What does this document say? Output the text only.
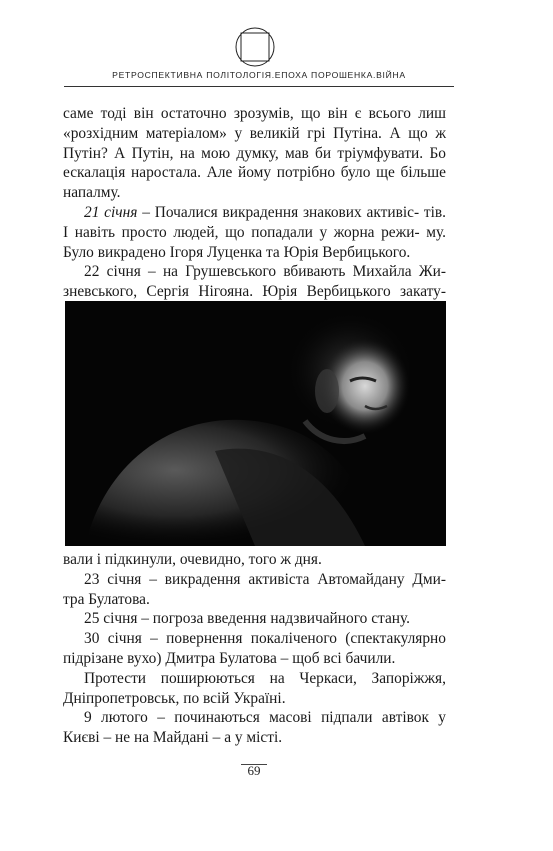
РЕТРОСПЕКТИВНА ПОЛІТОЛОГІЯ.ЕПОХА ПОРОШЕНКА.ВІЙНА

саме тоді він остаточно зрозумів, що він є всього лиш «розхідним матеріалом» у великій грі Путіна. А що ж Путін? А Путін, на мою думку, мав би тріумфувати. Бо ескалація наростала. Але йому потрібно було ще більше напалму.

21 січня – Почалися викрадення знакових активіс- тів. І навіть просто людей, що попадали у жорна режи- му. Було викрадено Ігоря Луценка та Юрія Вербицького.

22 січня – на Грушевського вбивають Михайла Жи- зневського, Сергія Нігояна. Юрія Вербицького закату-

вали і підкинули, очевидно, того ж дня.

23 січня – викрадення активіста Автомайдану Дми- тра Булатова.

25 січня – погроза введення надзвичайного стану.

30 січня – повернення покаліченого (спектакулярно підрізане вухо) Дмитра Булатова – щоб всі бачили.

Протести поширюються на Черкаси, Запоріжжя, Дніпропетровськ, по всій Україні.

9 лютого – починаються масові підпали автівок у Києві – не на Майдані – а у місті.

69
